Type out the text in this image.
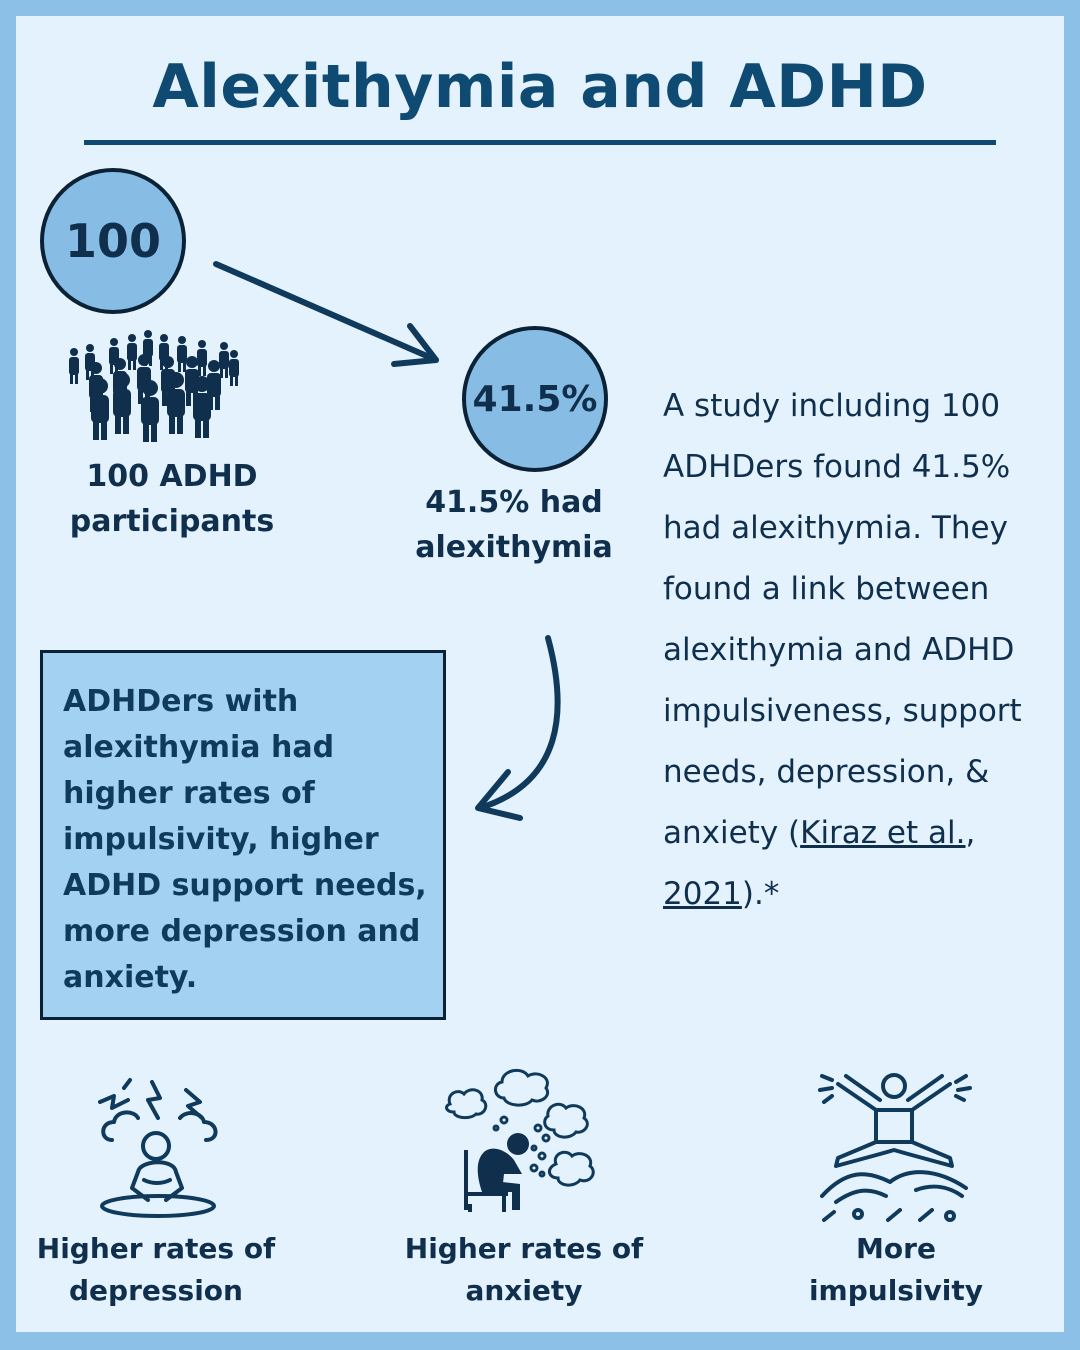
Alexithymia and ADHD
100
100 ADHD
participants
41.5%
41.5% had
alexithymia
A study including 100
ADHDers found 41.5%
had alexithymia. They
found a link between
alexithymia and ADHD
impulsiveness, support
needs, depression, &
anxiety (Kiraz et al.,
2021).*
ADHDers with
alexithymia had
higher rates of
impulsivity, higher
ADHD support needs,
more depression and
anxiety.
Higher rates of
depression
Higher rates of
anxiety
More
impulsivity
